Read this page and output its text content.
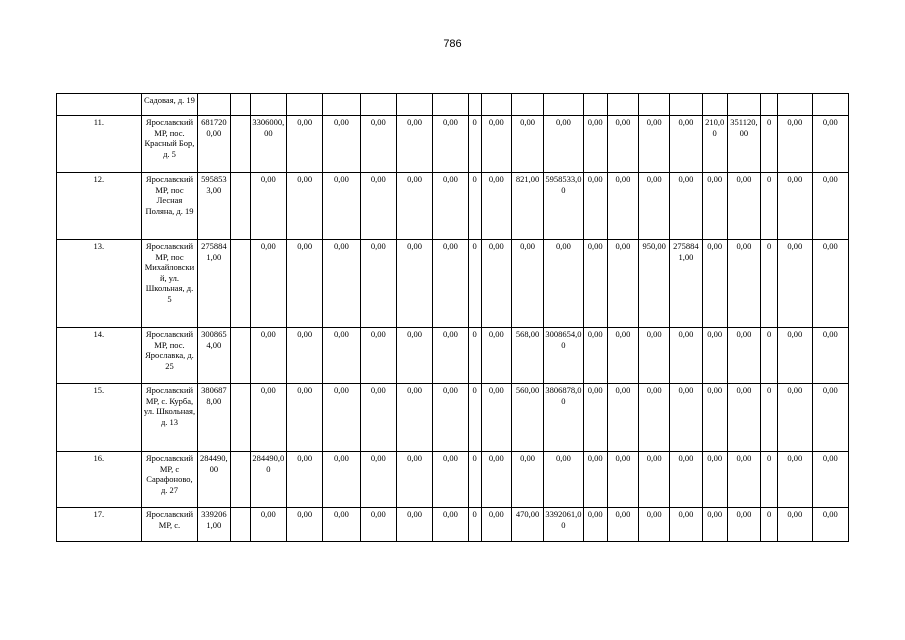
786
	Садовая, д. 19																					
11.	Ярославский МР, пос. Красный Бор, д. 5	6817200,00		3306000,00	0,00	0,00	0,00	0,00	0,00	0	0,00	0,00	0,00	0,00	0,00	0,00	0,00	210,00	351120,00	0	0,00	0,00
12.	Ярославский МР, пос Лесная Поляна, д. 19	5958533,00		0,00	0,00	0,00	0,00	0,00	0,00	0	0,00	821,00	5958533,00	0,00	0,00	0,00	0,00	0,00	0,00	0	0,00	0,00
13.	Ярославский МР, пос Михайловский, ул. Школьная, д. 5	2758841,00		0,00	0,00	0,00	0,00	0,00	0,00	0	0,00	0,00	0,00	0,00	0,00	950,00	2758841,00	0,00	0,00	0	0,00	0,00
14.	Ярославский МР, пос. Ярославка, д. 25	3008654,00		0,00	0,00	0,00	0,00	0,00	0,00	0	0,00	568,00	3008654,00	0,00	0,00	0,00	0,00	0,00	0,00	0	0,00	0,00
15.	Ярославский МР, с. Курба, ул. Школьная, д. 13	3806878,00		0,00	0,00	0,00	0,00	0,00	0,00	0	0,00	560,00	3806878,00	0,00	0,00	0,00	0,00	0,00	0,00	0	0,00	0,00
16.	Ярославский МР, с Сарафоново, д. 27	284490,00		284490,00	0,00	0,00	0,00	0,00	0,00	0	0,00	0,00	0,00	0,00	0,00	0,00	0,00	0,00	0,00	0	0,00	0,00
17.	Ярославский МР, с.	3392061,00		0,00	0,00	0,00	0,00	0,00	0,00	0	0,00	470,00	3392061,00	0,00	0,00	0,00	0,00	0,00	0,00	0	0,00	0,00
